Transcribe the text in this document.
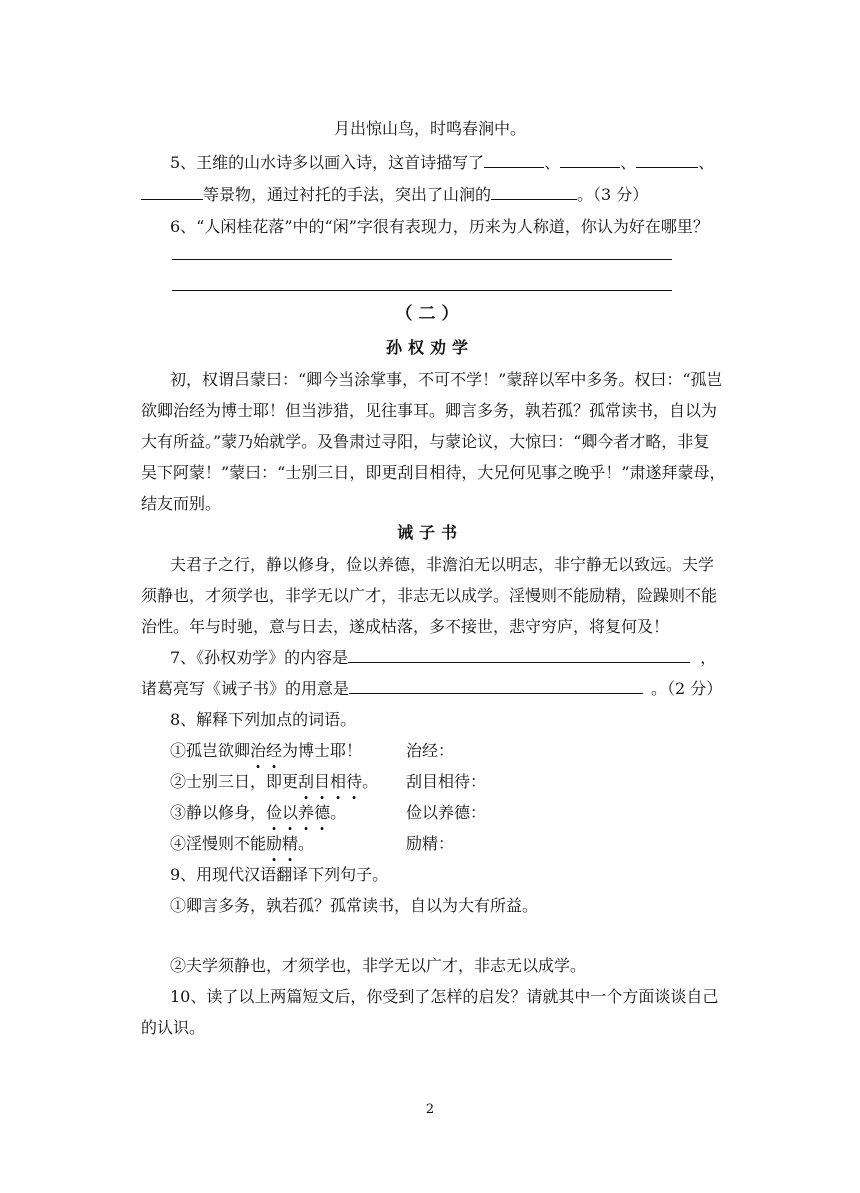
月出惊山鸟，时鸣春涧中。
5、王维的山水诗多以画入诗，这首诗描写了	、	、	、
等景物，通过衬托的手法，突出了山涧的	。（3 分）
6、“人闲桂花落”中的“闲”字很有表现力，历来为人称道，你认为好在哪里？
（二）
孙权劝学
初，权谓吕蒙曰：“卿今当涂掌事，不可不学！”蒙辞以军中多务。权曰：“孤岂
欲卿治经为博士耶！但当涉猎，见往事耳。卿言多务，孰若孤？孤常读书，自以为
大有所益。”蒙乃始就学。及鲁肃过寻阳，与蒙论议，大惊曰：“卿今者才略，非复
吴下阿蒙！”蒙曰：“士别三日，即更刮目相待，大兄何见事之晚乎！”肃遂拜蒙母，
结友而别。
诫子书
夫君子之行，静以修身，俭以养德，非澹泊无以明志，非宁静无以致远。夫学
须静也，才须学也，非学无以广才，非志无以成学。淫慢则不能励精，险躁则不能
治性。年与时驰，意与日去，遂成枯落，多不接世，悲守穷庐，将复何及！
7、《孙权劝学》的内容是	，
诸葛亮写《诫子书》的用意是	。（2 分）
8、解释下列加点的词语。
①孤岂欲卿治经为博士耶！	治经：
②士别三日，即更刮目相待。 刮目相待：
③静以修身，俭以养德。	俭以养德：
④淫慢则不能励精。	励精：
9、用现代汉语翻译下列句子。
①卿言多务，孰若孤？孤常读书，自以为大有所益。
②夫学须静也，才须学也，非学无以广才，非志无以成学。
10、读了以上两篇短文后，你受到了怎样的启发？请就其中一个方面谈谈自己
的认识。
2
